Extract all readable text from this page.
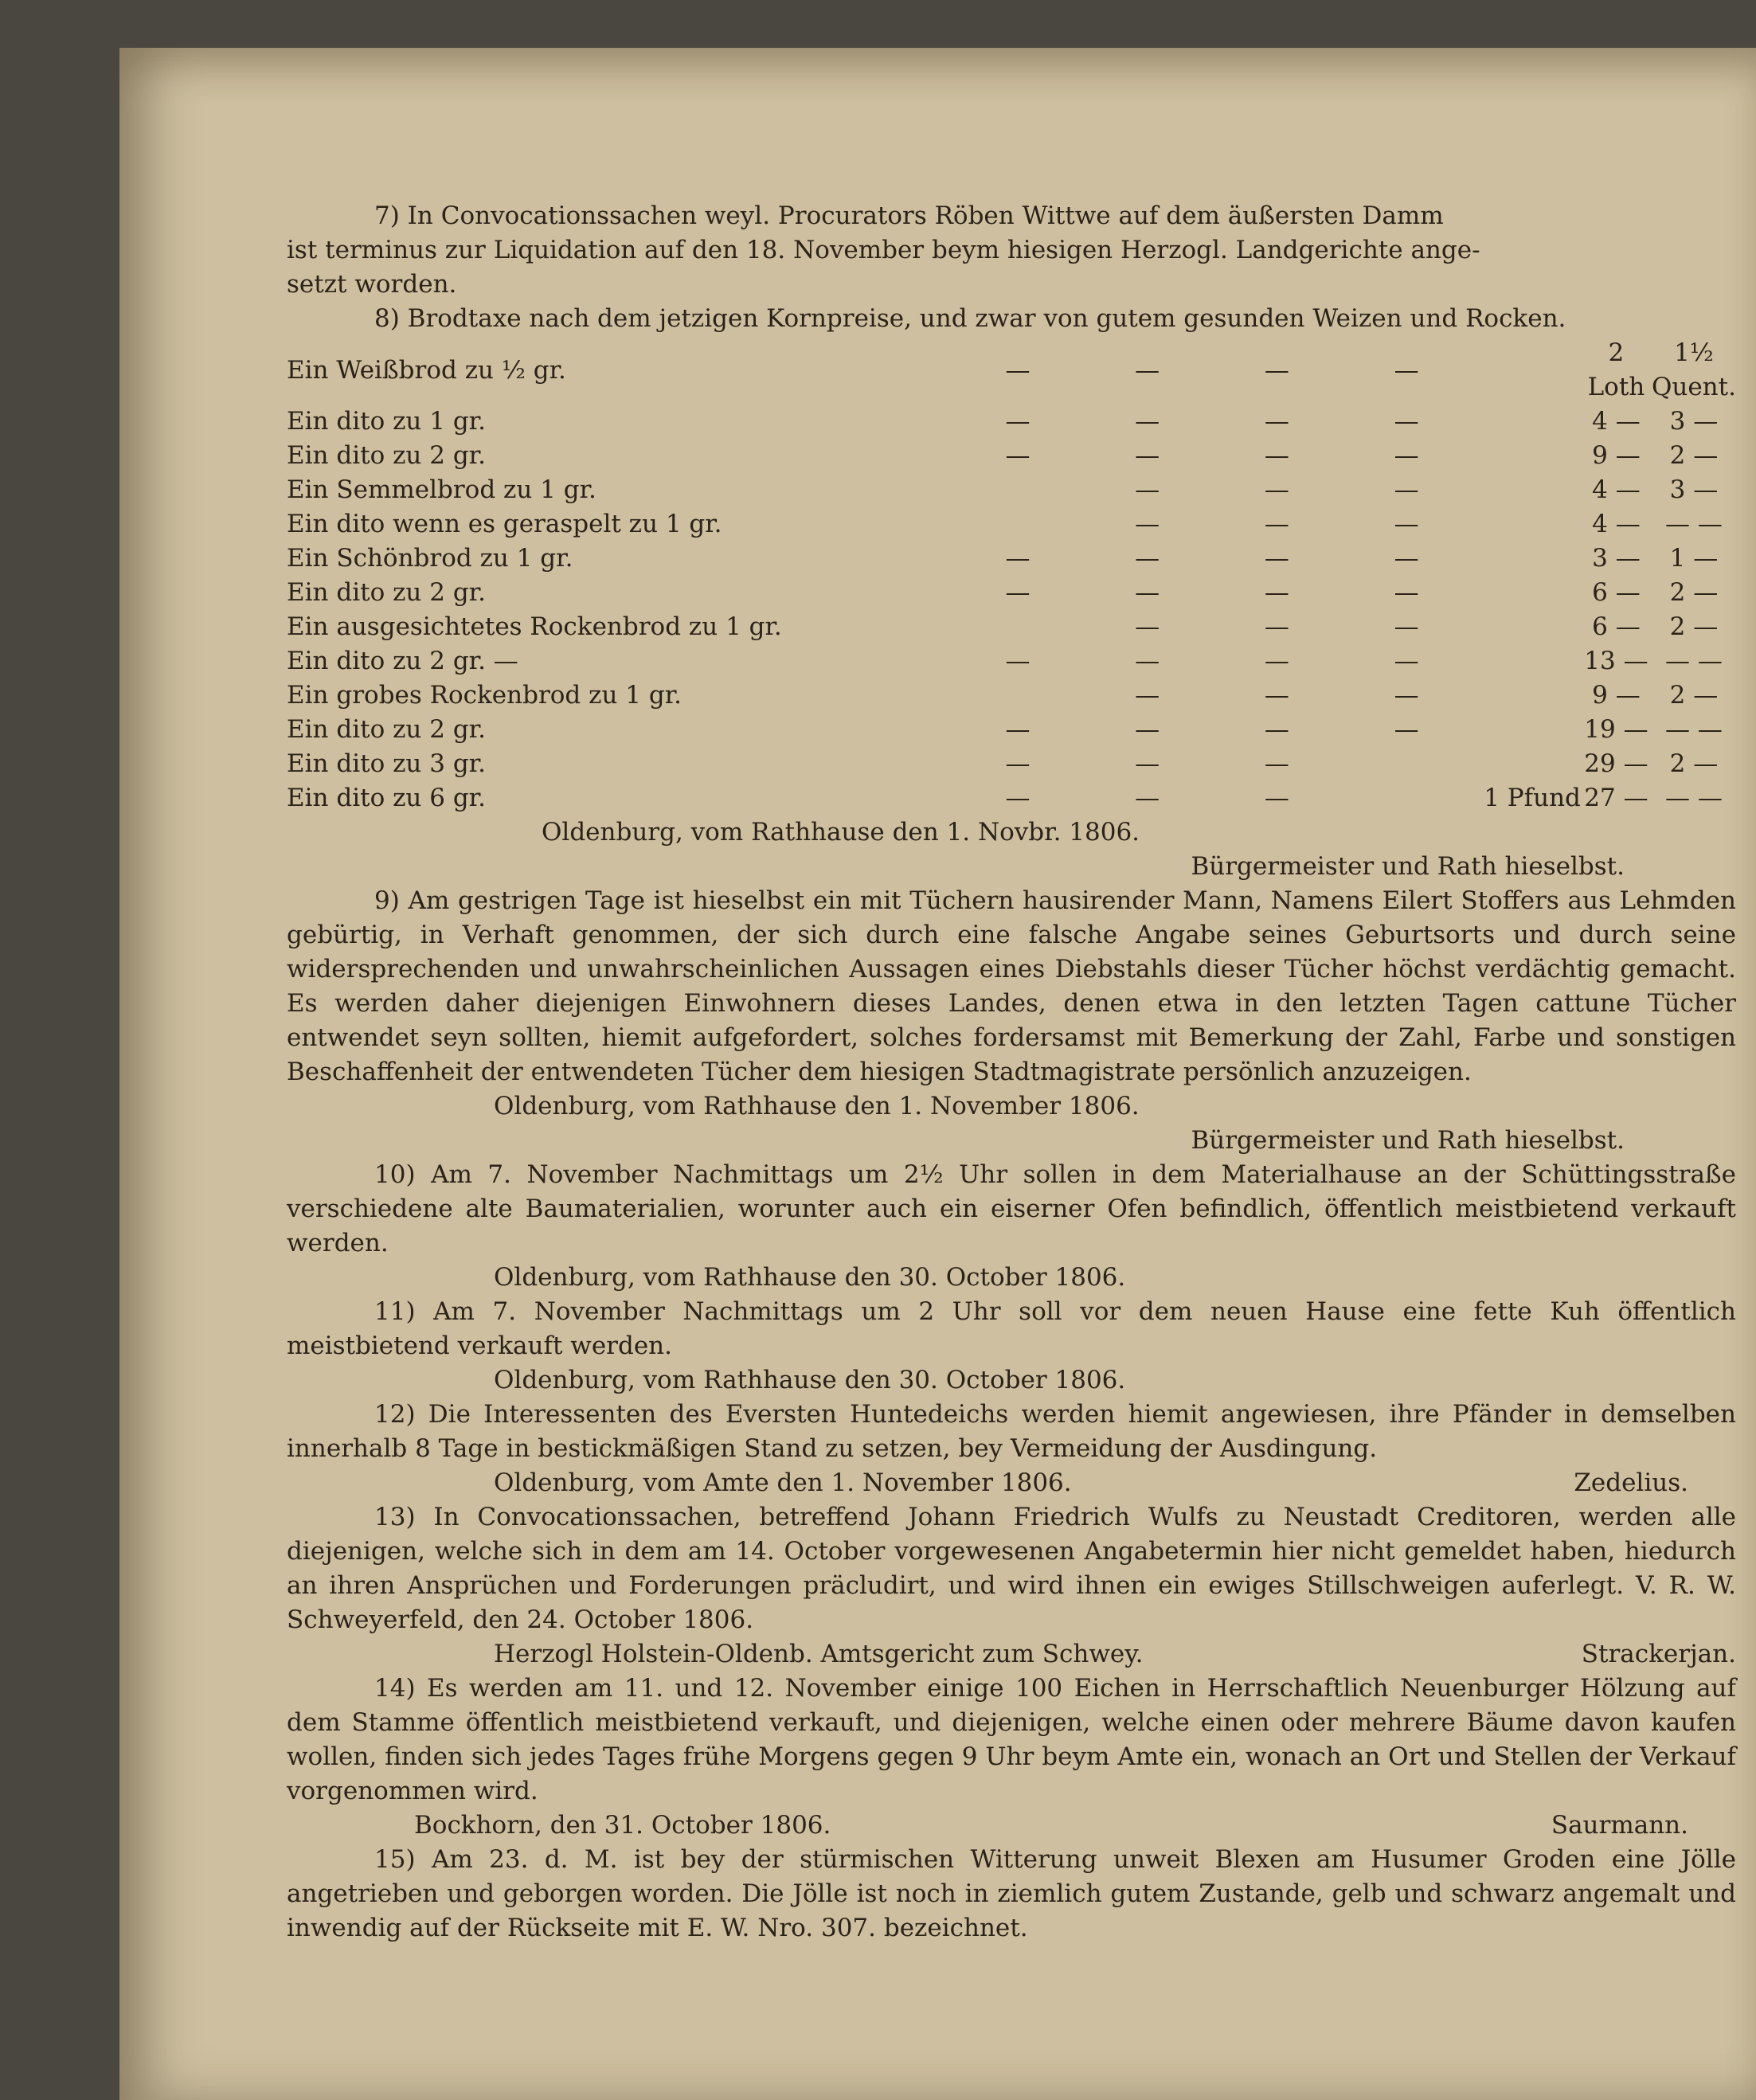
7) In Convocationssachen weyl. Procurators Röben Wittwe auf dem äußersten Damm

ist terminus zur Liquidation auf den 18. November beym hiesigen Herzogl. Landgerichte ange-
setzt worden.

8) Brodtaxe nach dem jetzigen Kornpreise, und zwar von gutem gesunden Weizen und Rocken.

Ein Weißbrod zu ½ gr.	—	—	—	—		2 Loth	1½ Quent.
Ein dito zu 1 gr.	—	—	—	—		4 —	3 —
Ein dito zu 2 gr.	—	—	—	—		9 —	2 —
Ein Semmelbrod zu 1 gr.		—	—	—		4 —	3 —
Ein dito wenn es geraspelt zu 1 gr.		—	—	—		4 —	— —
Ein Schönbrod zu 1 gr.	—	—	—	—		3 —	1 —
Ein dito zu 2 gr.	—	—	—	—		6 —	2 —
Ein ausgesichtetes Rockenbrod zu 1 gr.		—	—	—		6 —	2 —
Ein dito zu 2 gr. —	—	—	—	—		13 —	— —
Ein grobes Rockenbrod zu 1 gr.		—	—	—		9 —	2 —
Ein dito zu 2 gr.	—	—	—	—		19 —	— —
Ein dito zu 3 gr.	—	—	—			29 —	2 —
Ein dito zu 6 gr.	—	—	—		1 Pfund	27 —	— —
Oldenburg, vom Rathhause den 1. Novbr. 1806.
Bürgermeister und Rath hieselbst.

9) Am gestrigen Tage ist hieselbst ein mit Tüchern hausirender Mann, Namens Eilert Stoffers aus Lehmden gebürtig, in Verhaft genommen, der sich durch eine falsche Angabe seines Geburtsorts und durch seine widersprechenden und unwahrscheinlichen Aussagen eines Diebstahls dieser Tücher höchst verdächtig gemacht. Es werden daher diejenigen Einwohnern dieses Landes, denen etwa in den letzten Tagen cattune Tücher entwendet seyn sollten, hiemit aufgefordert, solches fordersamst mit Bemerkung der Zahl, Farbe und sonstigen Beschaffenheit der entwendeten Tücher dem hiesigen Stadtmagistrate persönlich anzuzeigen.

Oldenburg, vom Rathhause den 1. November 1806.
Bürgermeister und Rath hieselbst.

10) Am 7. November Nachmittags um 2½ Uhr sollen in dem Materialhause an der Schüttingsstraße verschiedene alte Baumaterialien, worunter auch ein eiserner Ofen befindlich, öffentlich meistbietend verkauft werden.

Oldenburg, vom Rathhause den 30. October 1806.

11) Am 7. November Nachmittags um 2 Uhr soll vor dem neuen Hause eine fette Kuh öffentlich meistbietend verkauft werden.

Oldenburg, vom Rathhause den 30. October 1806.

12) Die Interessenten des Eversten Huntedeichs werden hiemit angewiesen, ihre Pfänder in demselben innerhalb 8 Tage in bestickmäßigen Stand zu setzen, bey Vermeidung der Ausdingung.

Oldenburg, vom Amte den 1. November 1806.	Zedelius.

13) In Convocationssachen, betreffend Johann Friedrich Wulfs zu Neustadt Creditoren, werden alle diejenigen, welche sich in dem am 14. October vorgewesenen Angabetermin hier nicht gemeldet haben, hiedurch an ihren Ansprüchen und Forderungen präcludirt, und wird ihnen ein ewiges Stillschweigen auferlegt. V. R. W. Schweyerfeld, den 24. October 1806.

Herzogl Holstein-Oldenb. Amtsgericht zum Schwey.	Strackerjan.

14) Es werden am 11. und 12. November einige 100 Eichen in Herrschaftlich Neuenburger Hölzung auf dem Stamme öffentlich meistbietend verkauft, und diejenigen, welche einen oder mehrere Bäume davon kaufen wollen, finden sich jedes Tages frühe Morgens gegen 9 Uhr beym Amte ein, wonach an Ort und Stellen der Verkauf vorgenommen wird.

Bockhorn, den 31. October 1806.	Saurmann.

15) Am 23. d. M. ist bey der stürmischen Witterung unweit Blexen am Husumer Groden eine Jölle angetrieben und geborgen worden. Die Jölle ist noch in ziemlich gutem Zustande, gelb und schwarz angemalt und inwendig auf der Rückseite mit E. W. Nro. 307. bezeichnet.
